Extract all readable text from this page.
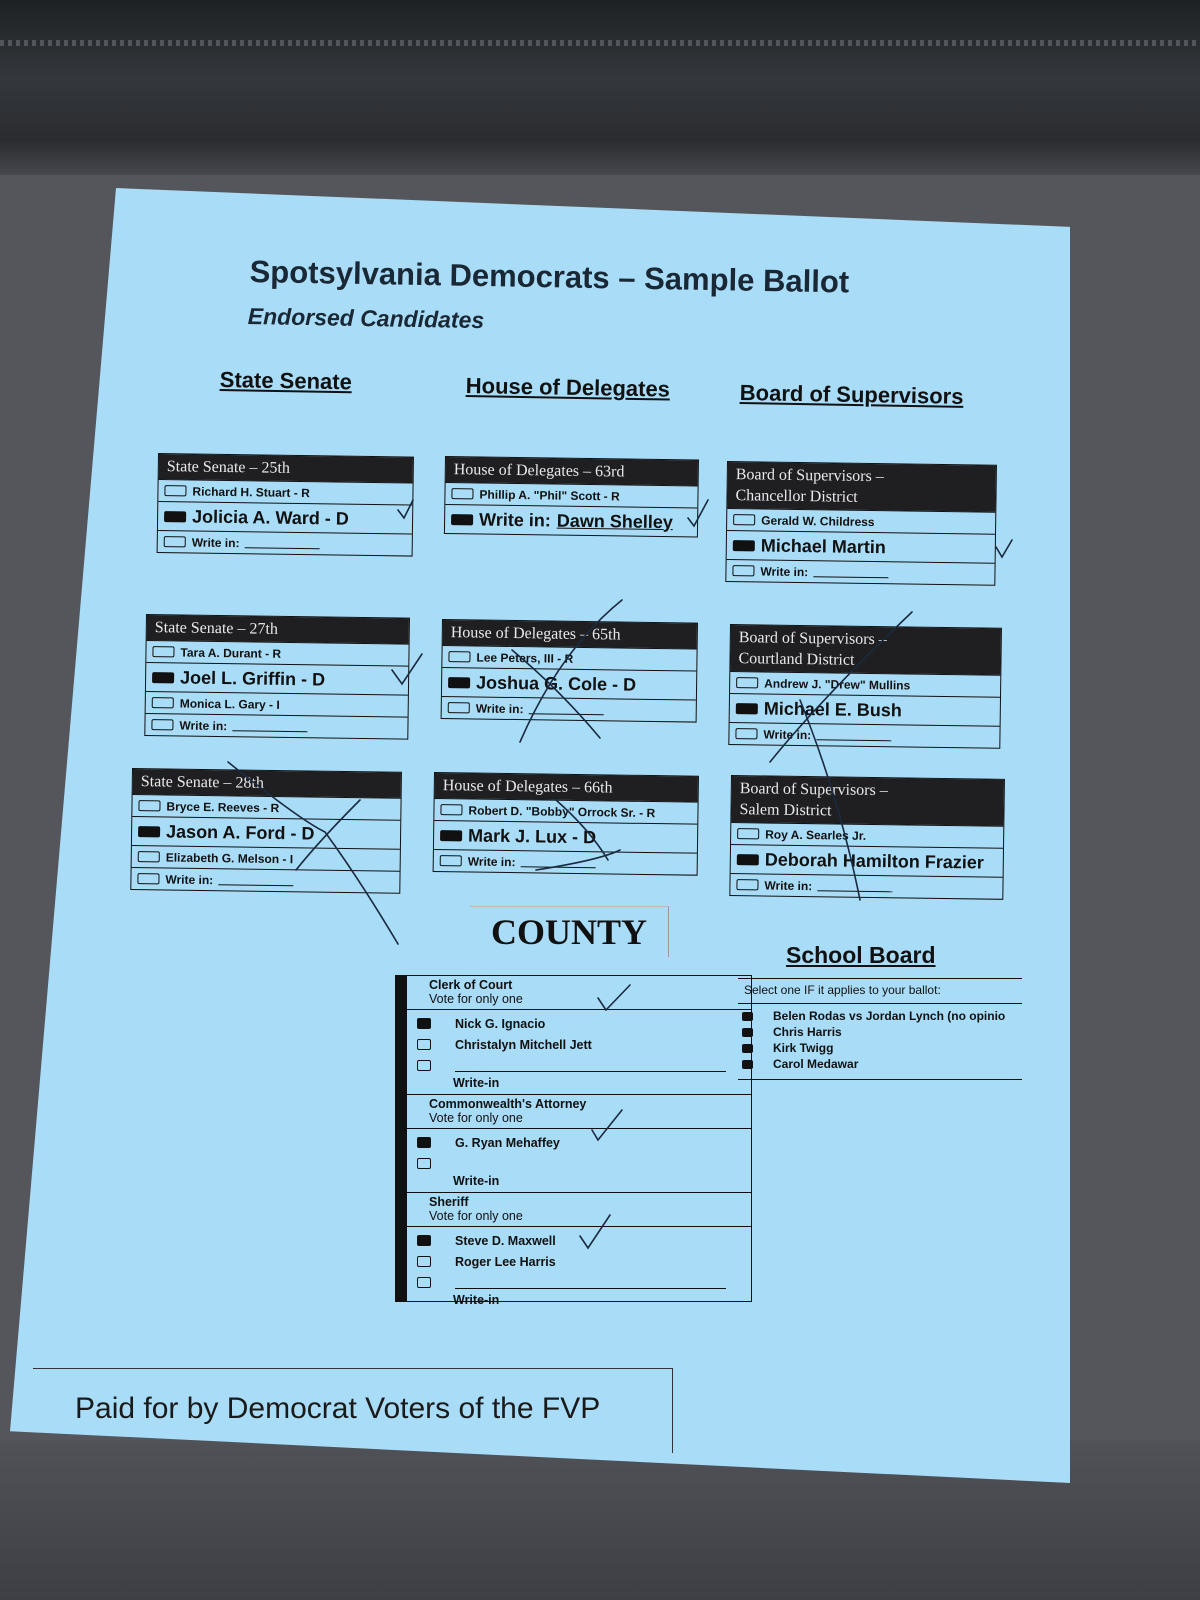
Spotsylvania Democrats – Sample Ballot
Endorsed Candidates
State Senate	House of Delegates	Board of Supervisors
State Senate – 25th
Richard H. Stuart - R
Jolicia A. Ward - D
Write in:
State Senate – 27th
Tara A. Durant - R
Joel L. Griffin - D
Monica L. Gary - I
Write in:
State Senate – 28th
Bryce E. Reeves - R
Jason A. Ford - D
Elizabeth G. Melson - I
Write in:
House of Delegates – 63rd
Phillip A. "Phil" Scott - R
Write in: Dawn Shelley
House of Delegates – 65th
Lee Peters, III - R
Joshua G. Cole - D
Write in:
House of Delegates – 66th
Robert D. "Bobby" Orrock Sr. - R
Mark J. Lux - D
Write in:
Board of Supervisors –
Chancellor District
Gerald W. Childress
Michael Martin
Write in:
Board of Supervisors –
Courtland District
Andrew J. "Drew" Mullins
Michael E. Bush
Write in:
Board of Supervisors –
Salem District
Roy A. Searles Jr.
Deborah Hamilton Frazier
Write in:
COUNTY
Clerk of Court
Vote for only one
Nick G. Ignacio
Christalyn Mitchell Jett
Write-in
Commonwealth's Attorney
Vote for only one
G. Ryan Mehaffey
Write-in
Sheriff
Vote for only one
Steve D. Maxwell
Roger Lee Harris
Write-in
School Board
Select one IF it applies to your ballot:
Belen Rodas vs Jordan Lynch (no opinio
Chris Harris
Kirk Twigg
Carol Medawar
Paid for by Democrat Voters of the FVP
